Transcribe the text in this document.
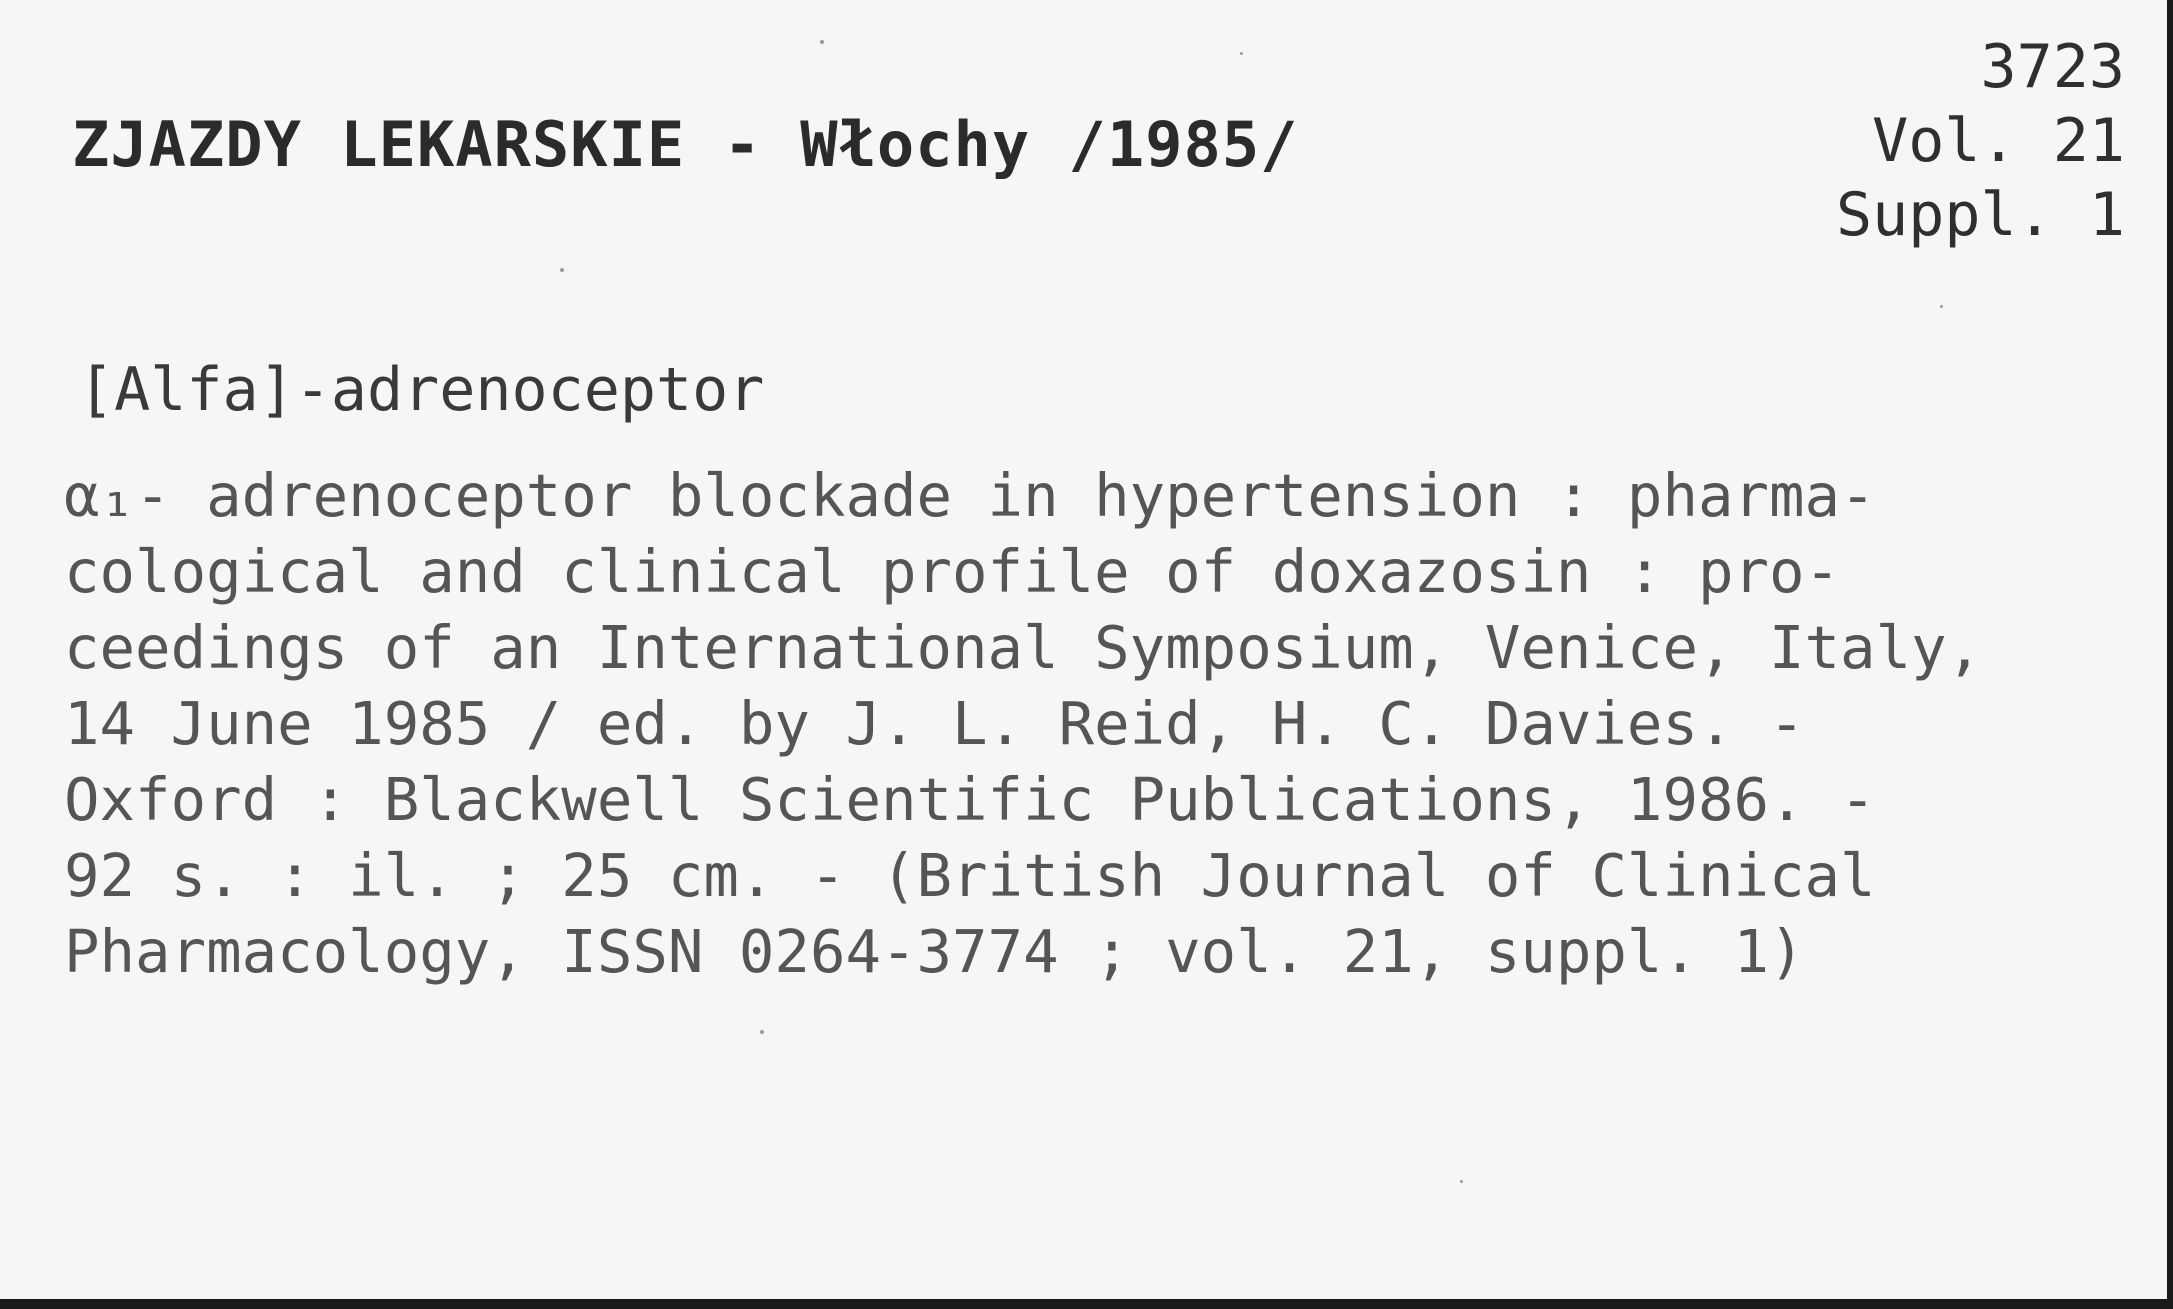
ZJAZDY LEKARSKIE - Włochy /1985/
3723
Vol. 21
Suppl. 1
[Alfa]-adrenoceptor
α₁- adrenoceptor blockade in hypertension : pharma-
cological and clinical profile of doxazosin : pro-
ceedings of an International Symposium, Venice, Italy,
14 June 1985 / ed. by J. L. Reid, H. C. Davies. -
Oxford : Blackwell Scientific Publications, 1986. -
92 s. : il. ; 25 cm. - (British Journal of Clinical
Pharmacology, ISSN 0264-3774 ; vol. 21, suppl. 1)
